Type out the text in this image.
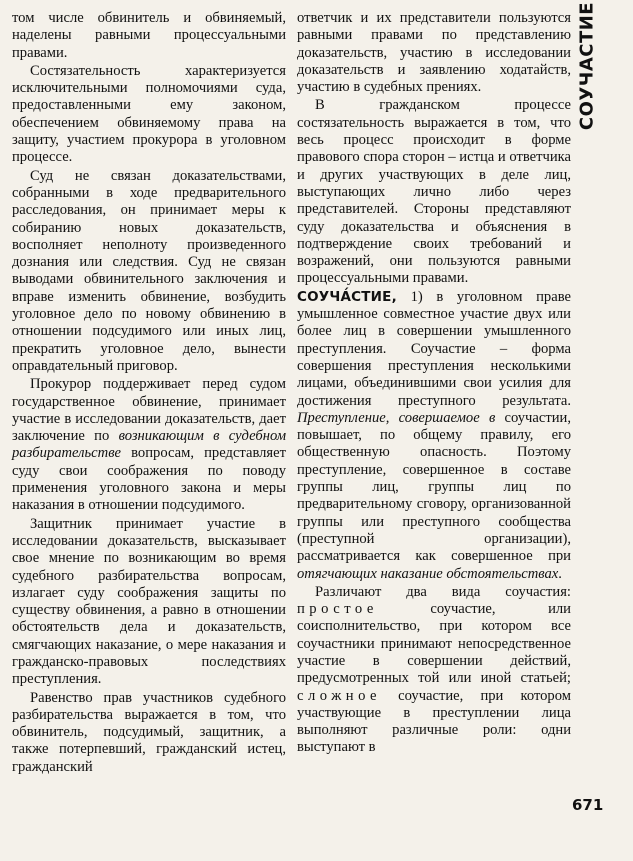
том числе обвинитель и обвиняемый, наделены равными процессуальными правами.

Состязательность характеризуется исключительными полномочиями суда, предоставленными ему законом, обеспечением обвиняемому права на защиту, участием прокурора в уголовном процессе.

Суд не связан доказательствами, собранными в ходе предварительного расследования, он принимает меры к собиранию новых доказательств, восполняет неполноту произведенного дознания или следствия. Суд не связан выводами обвинительного заключения и вправе изменить обвинение, возбудить уголовное дело по новому обвинению в отношении подсудимого или иных лиц, прекратить уголовное дело, вынести оправдательный приговор.

Прокурор поддерживает перед судом государственное обвинение, принимает участие в исследовании доказательств, дает заключение по возникающим в судебном разбирательстве вопросам, представляет суду свои соображения по поводу применения уголовного закона и меры наказания в отношении подсудимого.

Защитник принимает участие в исследовании доказательств, высказывает свое мнение по возникающим во время судебного разбирательства вопросам, излагает суду соображения защиты по существу обвинения, а равно в отношении обстоятельств дела и доказательств, смягчающих наказание, о мере наказания и гражданско-правовых последствиях преступления.

Равенство прав участников судебного разбирательства выражается в том, что обвинитель, подсудимый, защитник, а также потерпевший, гражданский истец, гражданский

ответчик и их представители пользуются равными правами по представлению доказательств, участию в исследовании доказательств и заявлению ходатайств, участию в судебных прениях.

В гражданском процессе состязательность выражается в том, что весь процесс происходит в форме правового спора сторон – истца и ответчика и других участвующих в деле лиц, выступающих лично либо через представителей. Стороны представляют суду доказательства и объяснения в подтверждение своих требований и возражений, они пользуются равными процессуальными правами.

СОУЧА́СТИЕ, 1) в уголовном праве умышленное совместное участие двух или более лиц в совершении умышленного преступления. Соучастие – форма совершения преступления несколькими лицами, объединившими свои усилия для достижения преступного результата. Преступление, совершаемое в соучастии, повышает, по общему правилу, его общественную опасность. Поэтому преступление, совершенное в составе группы лиц, группы лиц по предварительному сговору, организованной группы или преступного сообщества (преступной организации), рассматривается как совершенное при отягчающих наказание обстоятельствах.

Различают два вида соучастия: простое соучастие, или соисполнительство, при котором все соучастники принимают непосредственное участие в совершении действий, предусмотренных той или иной статьей; сложное соучастие, при котором участвующие в преступлении лица выполняют различные роли: одни выступают в

СОУЧАСТИЕ
671
